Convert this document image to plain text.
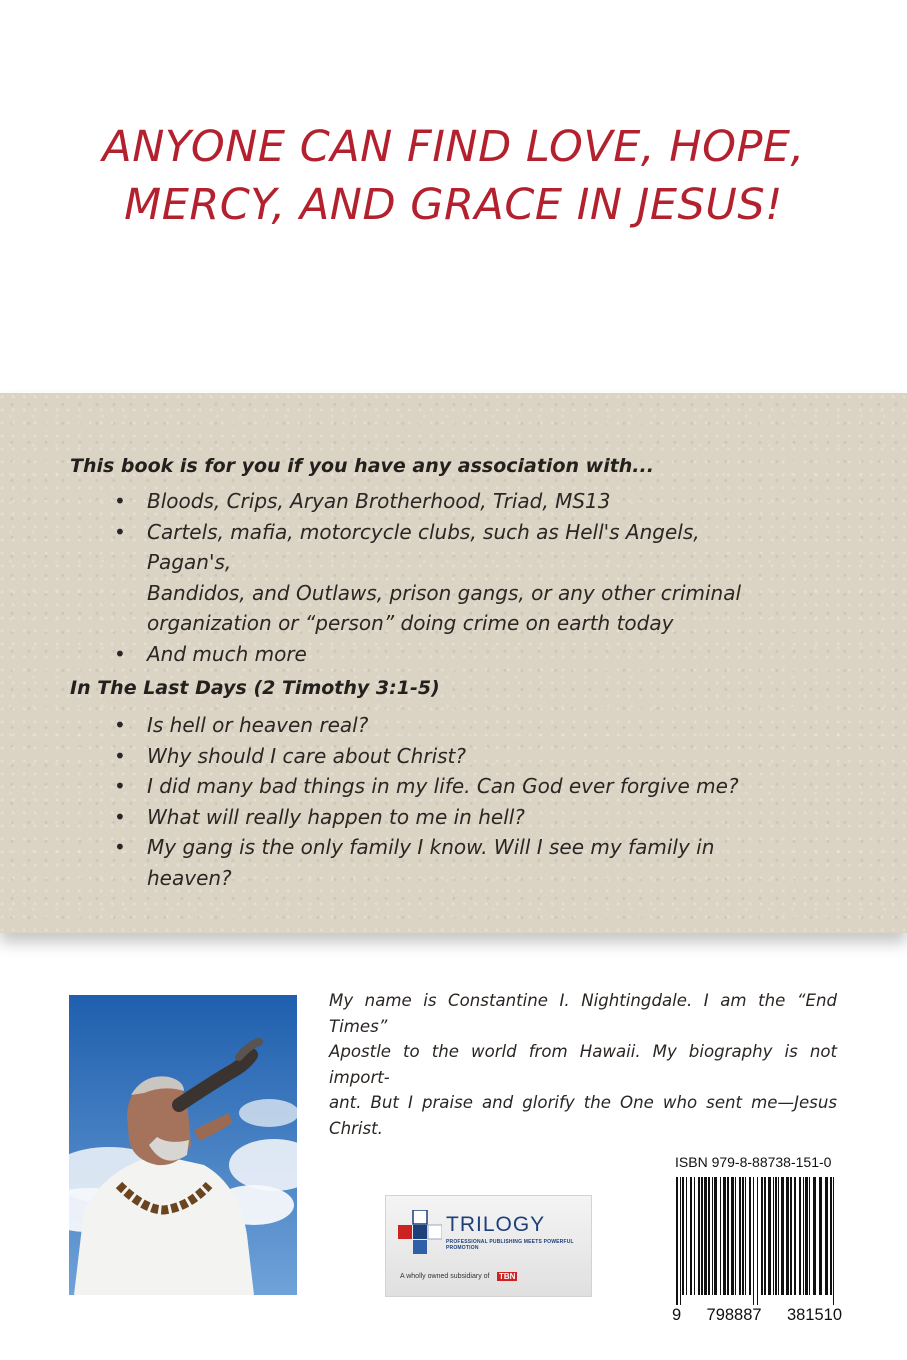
ANYONE CAN FIND LOVE, HOPE,
MERCY, AND GRACE IN JESUS!
This book is for you if you have any association with...
• Bloods, Crips, Aryan Brotherhood, Triad, MS13
• Cartels, mafia, motorcycle clubs, such as Hell's Angels, Pagan's,
Bandidos, and Outlaws, prison gangs, or any other criminal
organization or “person” doing crime on earth today
• And much more
In The Last Days (2 Timothy 3:1-5)
• Is hell or heaven real?
• Why should I care about Christ?
• I did many bad things in my life. Can God ever forgive me?
• What will really happen to me in hell?
• My gang is the only family I know. Will I see my family in heaven?
My name is Constantine I. Nightingdale. I am the “End Times”
Apostle to the world from Hawaii. My biography is not import-
ant. But I praise and glorify the One who sent me—Jesus Christ.
TRILOGY
PROFESSIONAL PUBLISHING MEETS POWERFUL PROMOTION
A wholly owned subsidiary of TBN
ISBN 979-8-88738-151-0
9 798887 381510
